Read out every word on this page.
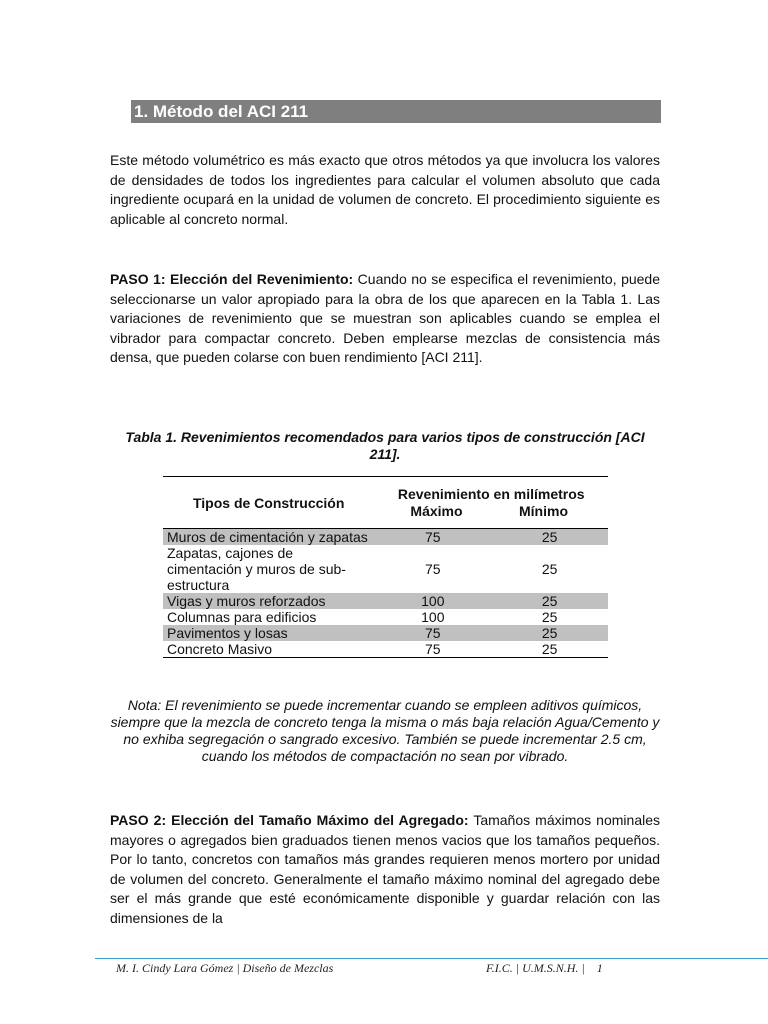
1. Método del ACI 211

Este método volumétrico es más exacto que otros métodos ya que involucra los valores de densidades de todos los ingredientes para calcular el volumen absoluto que cada ingrediente ocupará en la unidad de volumen de concreto. El procedimiento siguiente es aplicable al concreto normal.

PASO 1: Elección del Revenimiento: Cuando no se especifica el revenimiento, puede seleccionarse un valor apropiado para la obra de los que aparecen en la Tabla 1. Las variaciones de revenimiento que se muestran son aplicables cuando se emplea el vibrador para compactar concreto. Deben emplearse mezclas de consistencia más densa, que pueden colarse con buen rendimiento [ACI 211].

Tabla 1. Revenimientos recomendados para varios tipos de construcción [ACI 211].
Tipos de Construcción	Revenimiento en milímetros
Máximo Mínimo	

Muros de cimentación y zapatas	75	25
Zapatas, cajones de cimentación y muros de sub-estructura	75	25
Vigas y muros reforzados	100	25
Columnas para edificios	100	25
Pavimentos y losas	75	25
Concreto Masivo	75	25
Nota: El revenimiento se puede incrementar cuando se empleen aditivos químicos, siempre que la mezcla de concreto tenga la misma o más baja relación Agua/Cemento y no exhiba segregación o sangrado excesivo. También se puede incrementar 2.5 cm, cuando los métodos de compactación no sean por vibrado.

PASO 2: Elección del Tamaño Máximo del Agregado: Tamaños máximos nominales mayores o agregados bien graduados tienen menos vacios que los tamaños pequeños. Por lo tanto, concretos con tamaños más grandes requieren menos mortero por unidad de volumen del concreto. Generalmente el tamaño máximo nominal del agregado debe ser el más grande que esté económicamente disponible y guardar relación con las dimensiones de la

M. I. Cindy Lara Gómez | Diseño de Mezclas	F.I.C. | U.M.S.N.H. |    1
